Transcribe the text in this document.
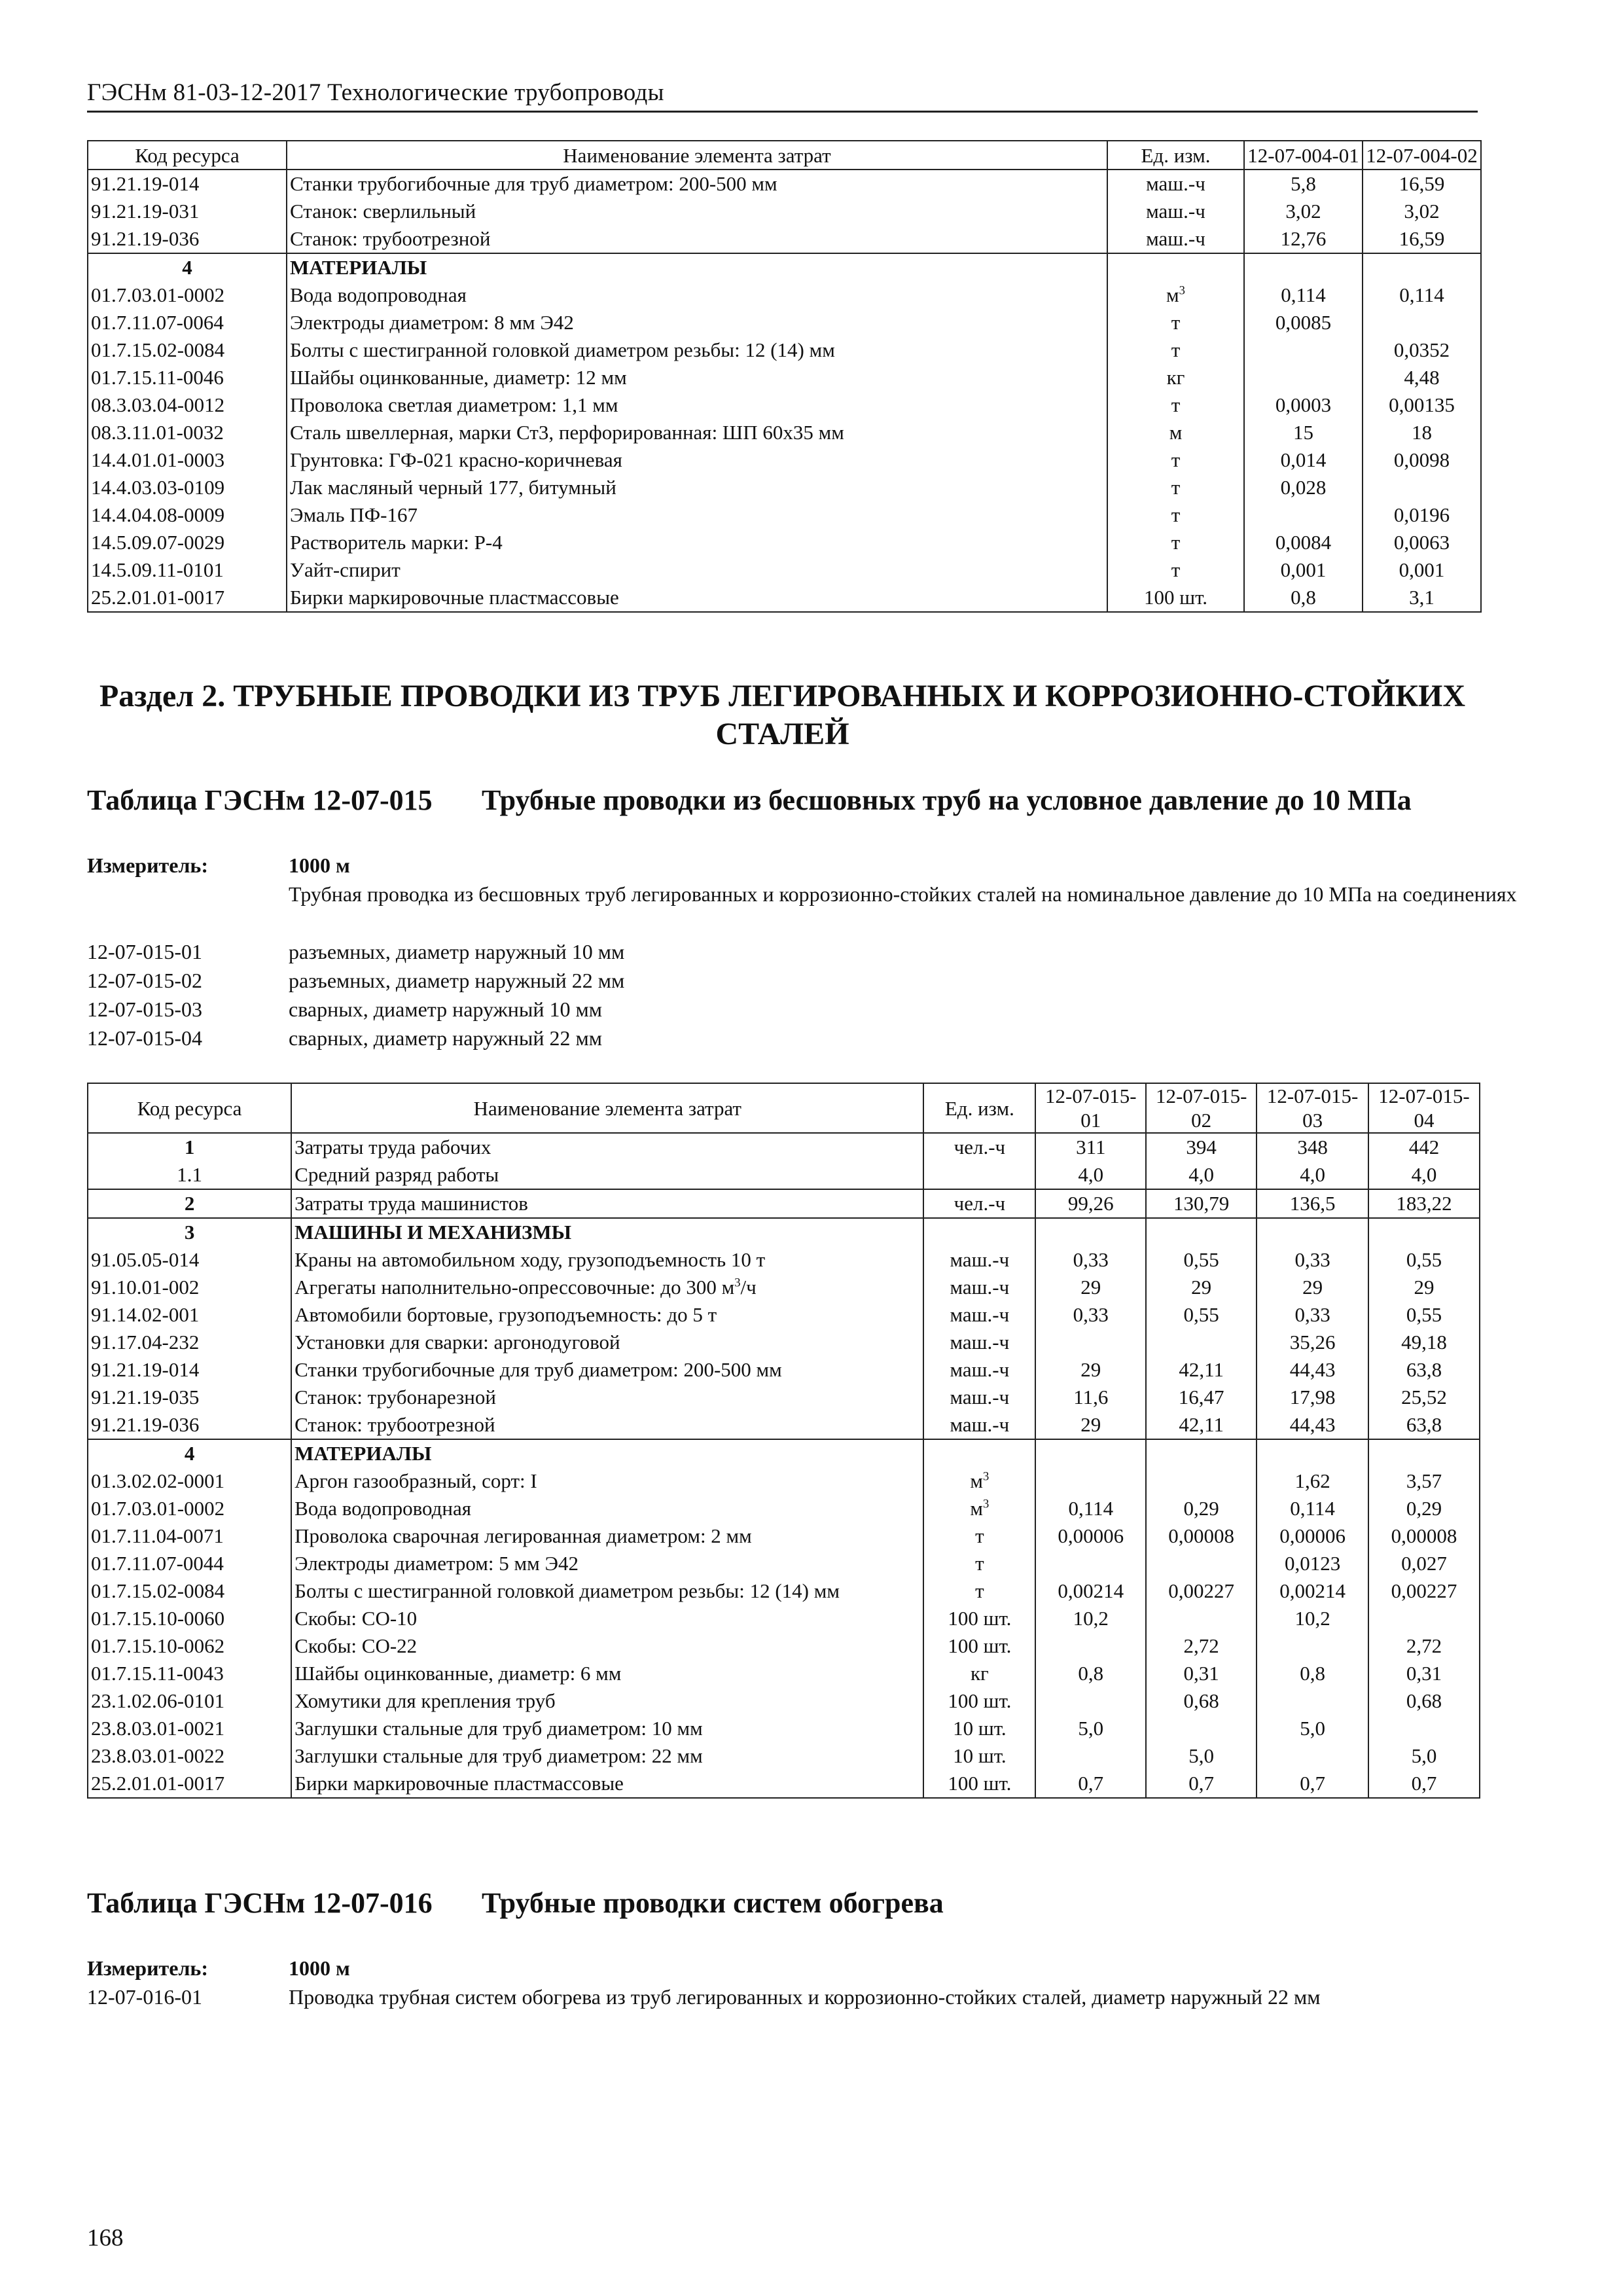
ГЭСНм 81-03-12-2017 Технологические трубопроводы
Код ресурса	Наименование элемента затрат	Ед. изм.	12-07-004-01	12-07-004-02
91.21.19-014	Станки трубогибочные для труб диаметром: 200-500 мм	маш.-ч	5,8	16,59
91.21.19-031	Станок: сверлильный	маш.-ч	3,02	3,02
91.21.19-036	Станок: трубоотрезной	маш.-ч	12,76	16,59
4	МАТЕРИАЛЫ			
01.7.03.01-0002	Вода водопроводная	$м^3$	0,114	0,114
01.7.11.07-0064	Электроды диаметром: 8 мм Э42	т	0,0085	
01.7.15.02-0084	Болты с шестигранной головкой диаметром резьбы: 12 (14) мм	т		0,0352
01.7.15.11-0046	Шайбы оцинкованные, диаметр: 12 мм	кг		4,48
08.3.03.04-0012	Проволока светлая диаметром: 1,1 мм	т	0,0003	0,00135
08.3.11.01-0032	Сталь швеллерная, марки Ст3, перфорированная: ШП 60х35 мм	м	15	18
14.4.01.01-0003	Грунтовка: ГФ-021 красно-коричневая	т	0,014	0,0098
14.4.03.03-0109	Лак масляный черный 177, битумный	т	0,028	
14.4.04.08-0009	Эмаль ПФ-167	т		0,0196
14.5.09.07-0029	Растворитель марки: Р-4	т	0,0084	0,0063
14.5.09.11-0101	Уайт-спирит	т	0,001	0,001
25.2.01.01-0017	Бирки маркировочные пластмассовые	100 шт.	0,8	3,1
Раздел 2. ТРУБНЫЕ ПРОВОДКИ ИЗ ТРУБ ЛЕГИРОВАННЫХ И КОРРОЗИОННО-СТОЙКИХ СТАЛЕЙ
Таблица ГЭСНм 12-07-015 Трубные проводки из бесшовных труб на условное давление до 10 МПа
Измеритель:	1000 м
Трубная проводка из бесшовных труб легированных и коррозионно-стойких сталей на номинальное давление до 10 МПа на соединениях
12-07-015-01	разъемных, диаметр наружный 10 мм
12-07-015-02	разъемных, диаметр наружный 22 мм
12-07-015-03	сварных, диаметр наружный 10 мм
12-07-015-04	сварных, диаметр наружный 22 мм
Код ресурса	Наименование элемента затрат	Ед. изм.	12-07-015-01	12-07-015-02	12-07-015-03	12-07-015-04
1	Затраты труда рабочих	чел.-ч	311	394	348	442
1.1	Средний разряд работы		4,0	4,0	4,0	4,0
2	Затраты труда машинистов	чел.-ч	99,26	130,79	136,5	183,22
3	МАШИНЫ И МЕХАНИЗМЫ					
91.05.05-014	Краны на автомобильном ходу, грузоподъемность 10 т	маш.-ч	0,33	0,55	0,33	0,55
91.10.01-002	Агрегаты наполнительно-опрессовочные: до 300 $м^3/ч$	маш.-ч	29	29	29	29
91.14.02-001	Автомобили бортовые, грузоподъемность: до 5 т	маш.-ч	0,33	0,55	0,33	0,55
91.17.04-232	Установки для сварки: аргонодуговой	маш.-ч			35,26	49,18
91.21.19-014	Станки трубогибочные для труб диаметром: 200-500 мм	маш.-ч	29	42,11	44,43	63,8
91.21.19-035	Станок: трубонарезной	маш.-ч	11,6	16,47	17,98	25,52
91.21.19-036	Станок: трубоотрезной	маш.-ч	29	42,11	44,43	63,8
4	МАТЕРИАЛЫ					
01.3.02.02-0001	Аргон газообразный, сорт: I	$м^3$			1,62	3,57
01.7.03.01-0002	Вода водопроводная	$м^3$	0,114	0,29	0,114	0,29
01.7.11.04-0071	Проволока сварочная легированная диаметром: 2 мм	т	0,00006	0,00008	0,00006	0,00008
01.7.11.07-0044	Электроды диаметром: 5 мм Э42	т			0,0123	0,027
01.7.15.02-0084	Болты с шестигранной головкой диаметром резьбы: 12 (14) мм	т	0,00214	0,00227	0,00214	0,00227
01.7.15.10-0060	Скобы: СО-10	100 шт.	10,2		10,2	
01.7.15.10-0062	Скобы: СО-22	100 шт.		2,72		2,72
01.7.15.11-0043	Шайбы оцинкованные, диаметр: 6 мм	кг	0,8	0,31	0,8	0,31
23.1.02.06-0101	Хомутики для крепления труб	100 шт.		0,68		0,68
23.8.03.01-0021	Заглушки стальные для труб диаметром: 10 мм	10 шт.	5,0		5,0	
23.8.03.01-0022	Заглушки стальные для труб диаметром: 22 мм	10 шт.		5,0		5,0
25.2.01.01-0017	Бирки маркировочные пластмассовые	100 шт.	0,7	0,7	0,7	0,7
Таблица ГЭСНм 12-07-016 Трубные проводки систем обогрева
Измеритель:	1000 м
12-07-016-01	Проводка трубная систем обогрева из труб легированных и коррозионно-стойких сталей, диаметр наружный 22 мм
168
